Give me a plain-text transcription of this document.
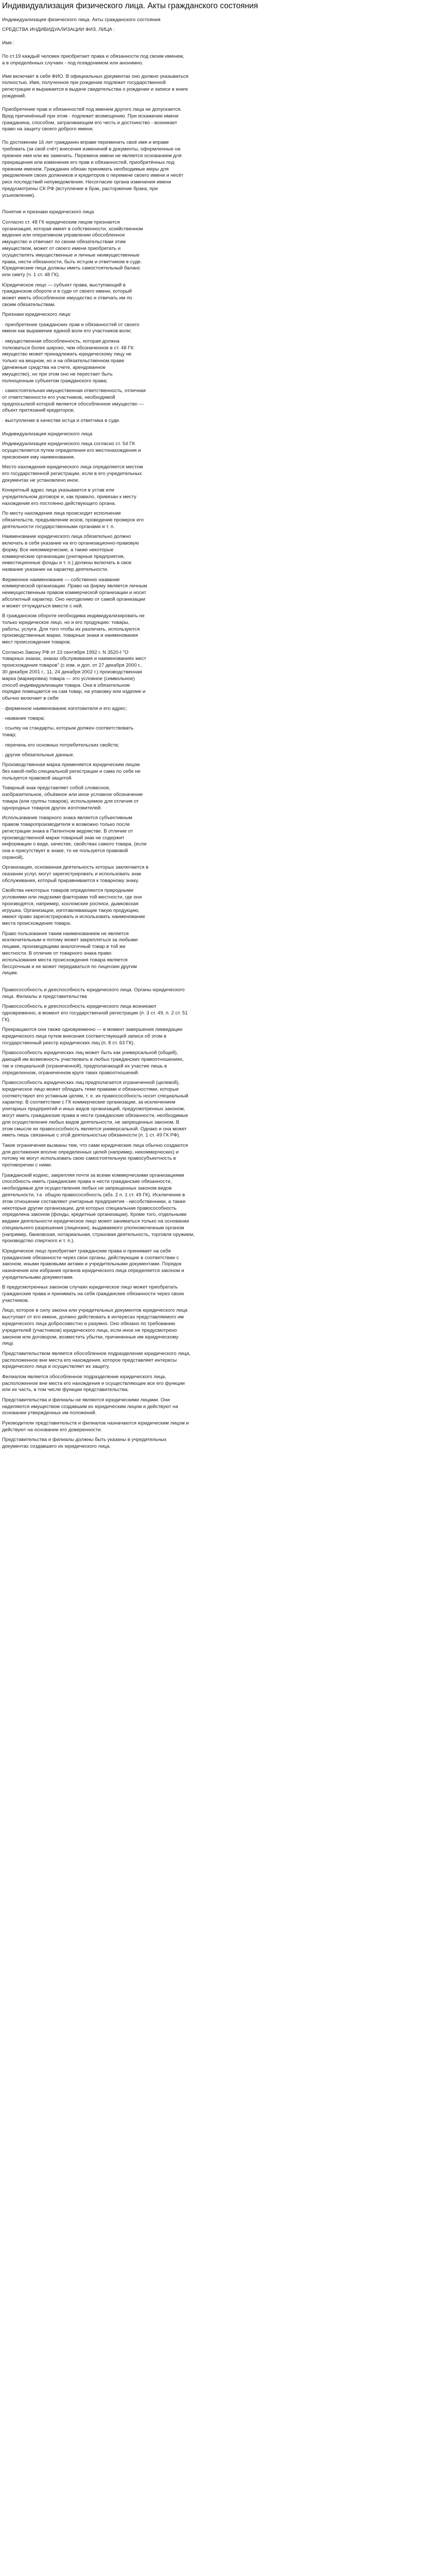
Индивидуализация физического лица. Акты гражданского состояния

Индивидуализация физического лица. Акты гражданского состояния

СРЕДСТВА ИНДИВИДУАЛИЗАЦИИ ФИЗ. ЛИЦА :

Имя :

По ст.19 каждый человек приобретает права и обязанности под своим именем,
а в определённых случаях - под псевдонимом или анонимно.

Имя включает в себя ФИО. В официальных документах оно должно указываться
полностью. Имя, полученное при рождении подлежит государственной
регистрации и выражается в выдаче свидетельства о рождении и записи в книге
рождений.

Приобретение прав и обязанностей под именем другого лица не допускается.
Вред причинённый при этом - подлежит возмещению. При искажении имени
гражданина, способом, затрагивающем его честь и достоинство - возникает
право на защиту своего доброго имени.

По достижении 16 лет гражданин вправе переменить своё имя и вправе
требовать (за свой счёт) внесения изменений в документы, оформленные на
прежнее имя или же заменить. Перемена имени не является основанием для
прекращения или изменения его прав и обязанностей, приобретённых под
прежним именем. Гражданин обязан принимать необходимые меры для
уведомления своих должников и кредиторов о перемене своего имени и несёт
риск последствий непуведомления. Несогласие органа изменения имени
предусмотрены СК РФ (вступление в брак, расторжение брака, при
усыновлении).

Понятие и признаки юридического лица

Согласно ст. 48 ГК юридическим лицом признается
организация, которая имеет в собственности, хозяйственном
ведении или оперативном управлении обособленное
имущество и отвечает по своим обязательствам этим
имуществом, может от своего имени приобретать и
осуществлять имущественные и личные неимущественные
права, нести обязанности, быть истцом и ответчиком в суде.
Юридические лица должны иметь самостоятельный баланс
или смету (ч. 1 ст. 48 ГК).

Юридическое лицо — субъект права, выступающий в
гражданском обороте и в суде от своего имени, который
может иметь обособленное имущество и отвечать им по
своим обязательствам.

Признаки юридического лица:

· приобретение гражданских прав и обязанностей от своего
имени как выражение единой воли его участников воли;

· имущественная обособленность, которая должна
толковаться более широко, чем обозначенное в ст. 48 ГК:
имущество может принадлежать юридическому лицу не
только на вещном, но и на обязательственном праве
(денежные средства на счете, арендованное
имущество), но при этом оно не перестает быть
полноценным субъектом гражданского права;

· самостоятельная имущественная ответственность, отличная
от ответственности его участников, необходимой
предпосылкой которой является обособленное имущество —
объект притязаний кредиторов;

· выступление в качестве истца и ответчика в суде.

Индивидуализация юридического лица

Индивидуализация юридического лица согласно ст. 54 ГК
осуществляется путем определения его местонахождения и
присвоения ему наименования.

Место нахождения юридического лица определяется местом
его государственной регистрации, если в его учредительных
документах не установлено иное.

Конкретный адрес лица указывается в устав или
учредительном договоре и, как правило, привязан к месту
нахождения его постоянно действующего органа.

По месту нахождения лица происходит исполнение
обязательств, предъявление исков, проведение проверок его
деятельности государственными органами и т. п.

Наименование юридического лица обязательно должно
включать в себя указание на его организационно-правовую
форму. Все некоммерческие, а также некоторые
коммерческие организации (унитарные предприятия,
инвестиционные фонды и т. п.) должны включать в свое
название указание на характер деятельности.

Фирменное наименование — собственно название
коммерческой организации. Право на фирму является личным
неимущественным правом коммерческой организации и носит
абсолютный характер. Оно неотделимо от самой организации
и может отчуждаться вместе с ней.

В гражданском обороте необходима индивидуализировать не
только юридическое лицо, но и его продукцию: товары,
работы, услуги. Для того чтобы их различать, используются
производственные марки, товарные знаки и наименования
мест происхождения товаров.

Согласно Закону РФ от 23 сентября 1992 г. N 3520-I "О
товарных знаках, знаках обслуживания и наименованиях мест
происхождения товаров" (с изм. и доп. от 27 декабря 2000 г.,
30 декабря 2001 г., 11, 24 декабря 2002 г.) производственная
марка (маркировка) товара — это условное (символьное)
способ индивидуализации товара. Она в обязательном
порядке помещается на сам товар, на упаковку или изделие и
обычно включает в себя:

· фирменное наименование изготовителя и его адрес;

· название товара;

· ссылку на стандарты, которым должен соответствовать
товар;

· перечень его основных потребительских свойств;

· другие обязательные данные.

Производственная марка применяется юридическим лицом
без какой-либо специальной регистрации и сама по себе не
пользуется правовой защитой.

Товарный знак представляет собой словесное,
изобразительное, объёмное или иное условное обозначение
товара (или группы товаров), используемое для отличия от
однородных товаров других изготовителей.

Использование товарного знака является субъективным
правом товаропроизводителя и возможно только после
регистрации знака в Патентном ведомстве. В отличие от
производственной марки товарный знак не содержит
информации о виде, качестве, свойствах самого товара, (если
она и присутствует в знаке, то не пользуется правовой
охраной).

Организация, основанная деятельность которых заключается в
оказании услуг, могут зарегистрировать и использовать знак
обслуживания, который приравнивается к товарному знаку.

Свойства некоторых товаров определяются природными
условиями или людскими факторами той местности, где они
производятся, например, хохломские росписи, дымковская
игрушка. Организации, изготавливающие такую продукцию,
имеют право зарегистрировать и использовать наименование
места происхождения товара.

Право пользования таким наименованием не является
исключительным и потому может закрепляться за любыми
лицами, производящими аналогичный товар в той же
местности. В отличие от товарного знака право
использования места происхождения товара является
бессрочным и не может передаваться по лицензии другим
лицам.

Правосособность и дееспособность юридического лица. Органы юридического
лица. Филиалы и представительства

Правосособность и дееспособность юридического лица возникают
одновременно, в момент его государственной регистрации (п. 3 ст. 49, п. 2 ст. 51
ГК).

Прекращаются они также одновременно — в момент завершения ликвидации
юридического лица путем внесения соответствующей записи об этом в
государственный реестр юридических лиц (п. 8 ст. 63 ГК).

Правосособность юридических лиц может быть как универсальной (общей),
дающей им возможность участвовать в любых гражданских правоотношениях,
так и специальной (ограниченной), предполагающей их участие лишь в
определенном, ограниченном круге таких правоотношений.

Правосособность юридических лиц предполагается ограниченной (целевой),
юридическое лицо может обладать теми правами и обязанностями, которые
соответствуют его уставным целям, т. е. их правосособность носит специальный
характер. В соответствии с ГК коммерческие организации, за исключением
унитарных предприятий и иных видов организаций, предусмотренных законом,
могут иметь гражданские права и нести гражданские обязанности, необходимые
для осуществления любых видов деятельности, не запрещенных законом. В
этом смысле их правосособность является универсальной. Однако и она может
иметь лишь связанные с этой деятельностью обязанности (п. 1 ст. 49 ГК РФ).

Такие ограничения вызваны тем, что сами юридические лица обычно создаются
для достижения вполне определенных целей (например, некоммерческих) и
потому не могут использовать свою самостоятельную правосубъектность в
противоречии с ними.

Гражданский кодекс, закрепляя почти за всеми коммерческими организациями
способность иметь гражданские права и нести гражданские обязанности,
необходимые для осуществления любых не запрещенных законом видов
деятельности, т.е. общую правосособность (абз. 2 п. 1 ст. 49 ГК). Исключение в
этом отношении составляют унитарные предприятия - несобственники, а также
некоторые другие организации, для которых специальная правосособность
определена законом (фонды, кредитные организации). Кроме того, отдельными
видами деятельности юридическое лицо может заниматься только на основании
специального разрешения (лицензии), выдаваемого уполномоченным органом
(например, банковская, нотариальная, страховая деятельность, торговля оружием,
производство спиртного и т. п.).

Юридическое лицо приобретает гражданские права и принимает на себя
гражданские обязанности через свои органы, действующие в соответствии с
законом, иными правовыми актами и учредительными документами. Порядок
назначения или избрания органов юридического лица определяется законом и
учредительными документами.

В предусмотренных законом случаях юридическое лицо может приобретать
гражданские права и принимать на себя гражданские обязанности через своих
участников.

Лицо, которое в силу закона или учредительных документов юридического лица
выступает от его имени, должно действовать в интересах представляемого им
юридического лица добросовестно и разумно. Оно обязано по требованию
учредителей (участников) юридического лица, если иное не предусмотрено
законом или договором, возместить убытки, причиненные им юридическому
лицу.

Представительством является обособленное подразделение юридического лица,
расположенное вне места его нахождения, которое представляет интересы
юридического лица и осуществляет их защиту.

Филиалом является обособленное подразделение юридического лица,
расположенное вне места его нахождения и осуществляющее все его функции
или их часть, в том числе функции представительства.

Представительства и филиалы не являются юридическими лицами. Они
наделяются имуществом создавшим их юридическим лицом и действуют на
основании утвержденных им положений.

Руководители представительств и филиалов назначаются юридическим лицом и
действуют на основании его доверенности.

Представительства и филиалы должны быть указаны в учредительных
документах создавшего их юридического лица.
